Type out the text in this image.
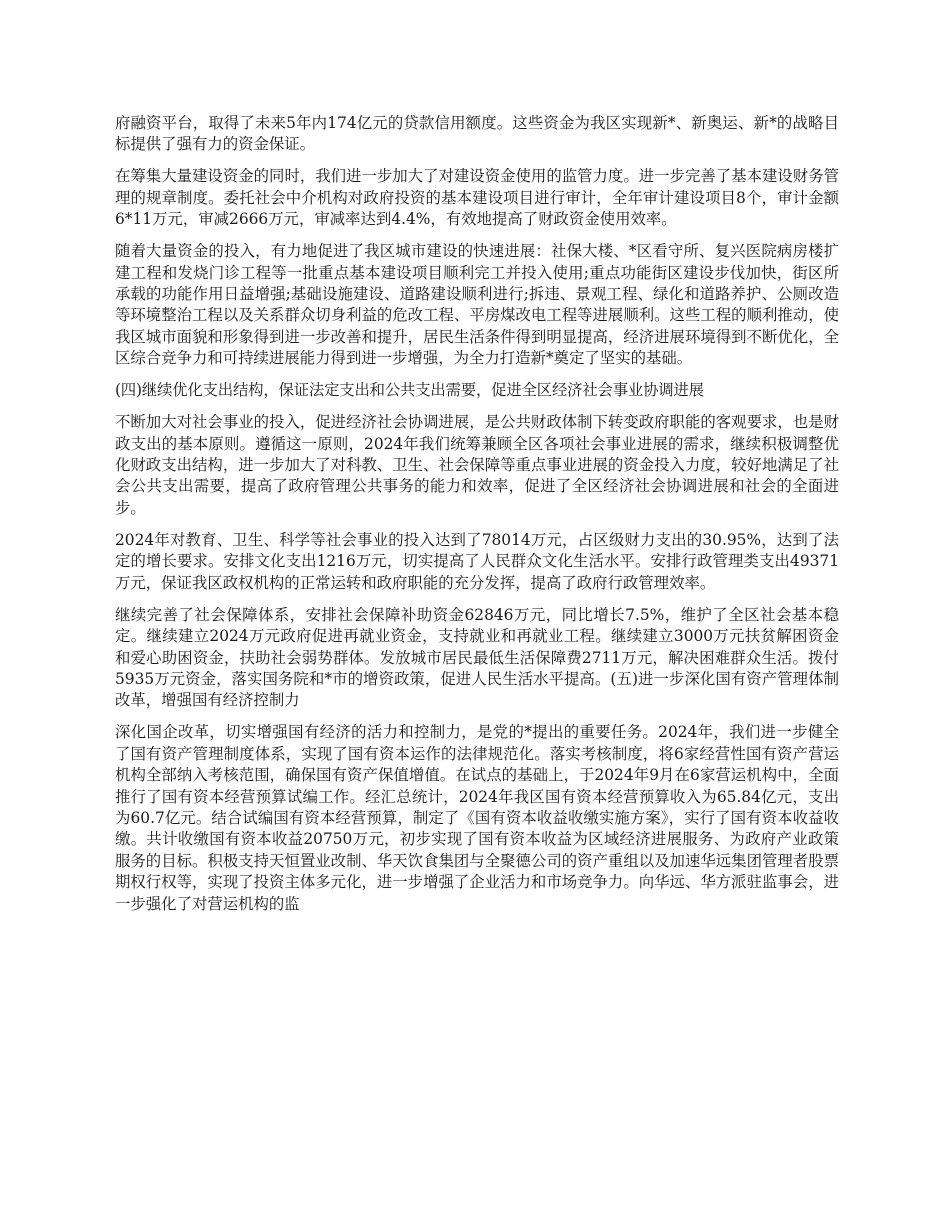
府融资平台，取得了未来5年内174亿元的贷款信用额度。这些资金为我区实现新*、新奥运、新*的战略目标提供了强有力的资金保证。

在筹集大量建设资金的同时，我们进一步加大了对建设资金使用的监管力度。进一步完善了基本建设财务管理的规章制度。委托社会中介机构对政府投资的基本建设项目进行审计，全年审计建设项目8个，审计金额6*11万元，审减2666万元，审减率达到4.4%，有效地提高了财政资金使用效率。

随着大量资金的投入，有力地促进了我区城市建设的快速进展：社保大楼、*区看守所、复兴医院病房楼扩建工程和发烧门诊工程等一批重点基本建设项目顺利完工并投入使用;重点功能街区建设步伐加快，街区所承载的功能作用日益增强;基础设施建设、道路建设顺利进行;拆违、景观工程、绿化和道路养护、公厕改造等环境整治工程以及关系群众切身利益的危改工程、平房煤改电工程等进展顺利。这些工程的顺利推动，使我区城市面貌和形象得到进一步改善和提升，居民生活条件得到明显提高，经济进展环境得到不断优化，全区综合竞争力和可持续进展能力得到进一步增强，为全力打造新*奠定了坚实的基础。

(四)继续优化支出结构，保证法定支出和公共支出需要，促进全区经济社会事业协调进展

不断加大对社会事业的投入，促进经济社会协调进展，是公共财政体制下转变政府职能的客观要求，也是财政支出的基本原则。遵循这一原则，2024年我们统筹兼顾全区各项社会事业进展的需求，继续积极调整优化财政支出结构，进一步加大了对科教、卫生、社会保障等重点事业进展的资金投入力度，较好地满足了社会公共支出需要，提高了政府管理公共事务的能力和效率，促进了全区经济社会协调进展和社会的全面进步。

2024年对教育、卫生、科学等社会事业的投入达到了78014万元，占区级财力支出的30.95%，达到了法定的增长要求。安排文化支出1216万元，切实提高了人民群众文化生活水平。安排行政管理类支出49371万元，保证我区政权机构的正常运转和政府职能的充分发挥，提高了政府行政管理效率。

继续完善了社会保障体系，安排社会保障补助资金62846万元，同比增长7.5%，维护了全区社会基本稳定。继续建立2024万元政府促进再就业资金，支持就业和再就业工程。继续建立3000万元扶贫解困资金和爱心助困资金，扶助社会弱势群体。发放城市居民最低生活保障费2711万元，解决困难群众生活。拨付5935万元资金，落实国务院和*市的增资政策，促进人民生活水平提高。(五)进一步深化国有资产管理体制改革，增强国有经济控制力

深化国企改革，切实增强国有经济的活力和控制力，是党的*提出的重要任务。2024年，我们进一步健全了国有资产管理制度体系，实现了国有资本运作的法律规范化。落实考核制度，将6家经营性国有资产营运机构全部纳入考核范围，确保国有资产保值增值。在试点的基础上，于2024年9月在6家营运机构中，全面推行了国有资本经营预算试编工作。经汇总统计，2024年我区国有资本经营预算收入为65.84亿元，支出为60.7亿元。结合试编国有资本经营预算，制定了《国有资本收益收缴实施方案》，实行了国有资本收益收缴。共计收缴国有资本收益20750万元，初步实现了国有资本收益为区域经济进展服务、为政府产业政策服务的目标。积极支持天恒置业改制、华天饮食集团与全聚德公司的资产重组以及加速华远集团管理者股票期权行权等，实现了投资主体多元化，进一步增强了企业活力和市场竞争力。向华远、华方派驻监事会，进一步强化了对营运机构的监
